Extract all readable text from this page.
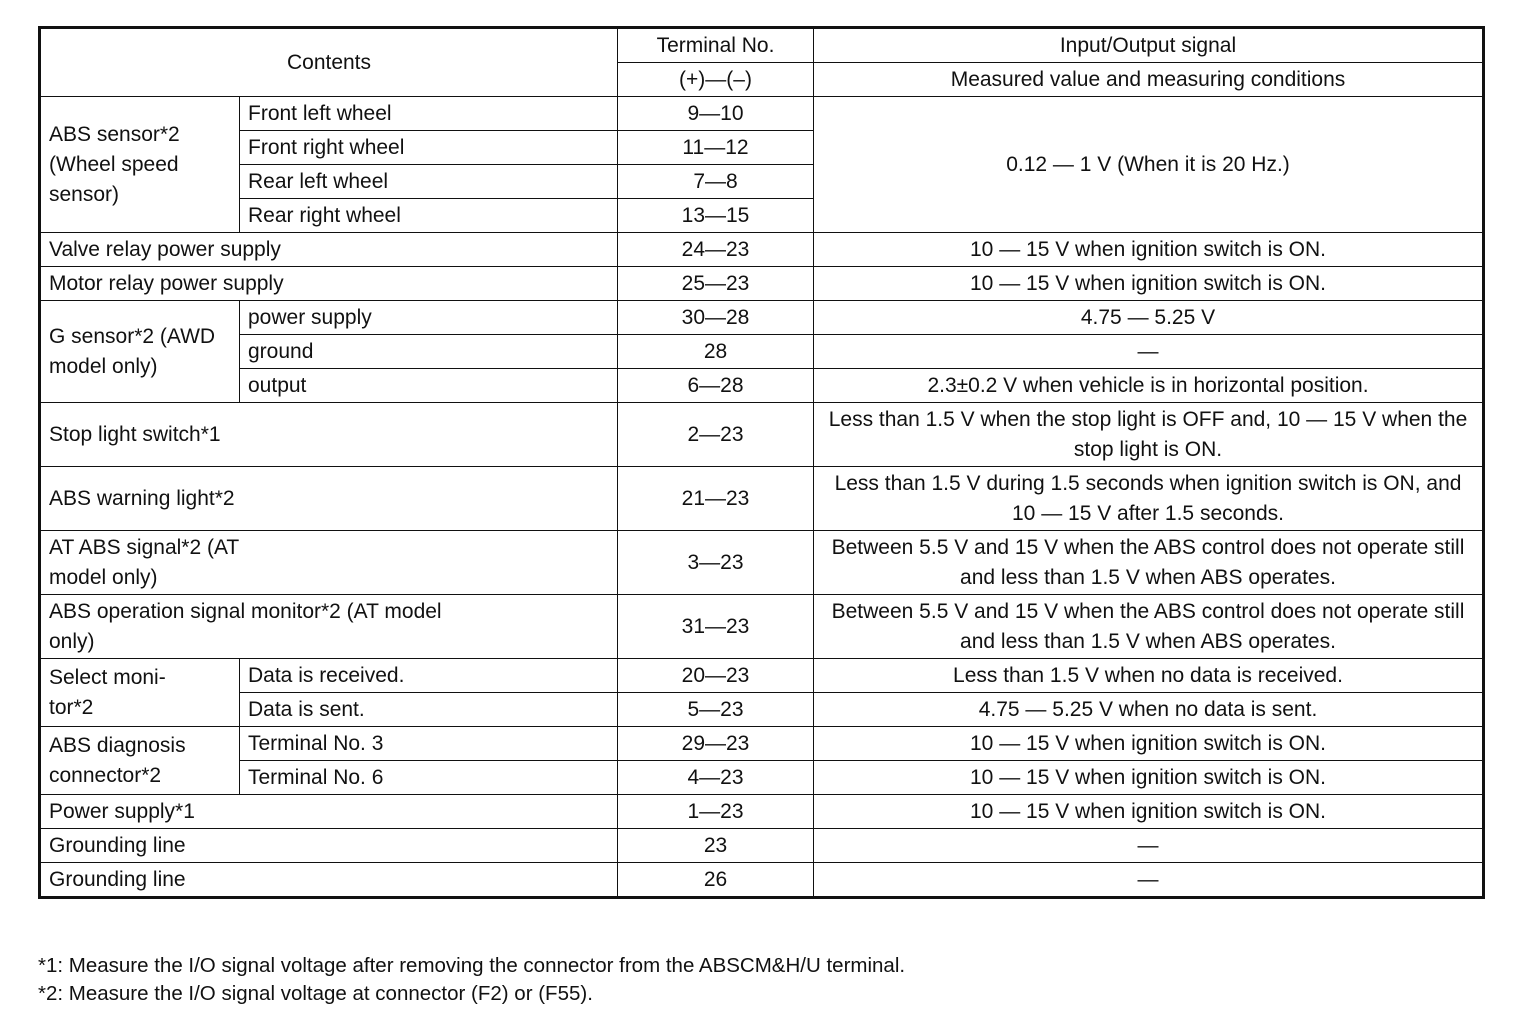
Contents		Terminal No.	Input/Output signal
		(+)—(–)	Measured value and measuring conditions
ABS sensor*2 (Wheel speed sensor)	Front left wheel	9—10	0.12 — 1 V (When it is 20 Hz.)
	Front right wheel	11—12	
	Rear left wheel	7—8	
	Rear right wheel	13—15	
Valve relay power supply		24—23	10 — 15 V when ignition switch is ON.
Motor relay power supply		25—23	10 — 15 V when ignition switch is ON.
G sensor*2 (AWD model only)	power supply	30—28	4.75 — 5.25 V
	ground	28	—
	output	6—28	2.3±0.2 V when vehicle is in horizontal position.
Stop light switch*1		2—23	Less than 1.5 V when the stop light is OFF and, 10 — 15 V when the stop light is ON.
ABS warning light*2		21—23	Less than 1.5 V during 1.5 seconds when ignition switch is ON, and 10 — 15 V after 1.5 seconds.
AT ABS signal*2 (AT model only)		3—23	Between 5.5 V and 15 V when the ABS control does not operate still and less than 1.5 V when ABS operates.
ABS operation signal monitor*2 (AT model only)		31—23	Between 5.5 V and 15 V when the ABS control does not operate still and less than 1.5 V when ABS operates.
Select moni- tor*2	Data is received.	20—23	Less than 1.5 V when no data is received.
	Data is sent.	5—23	4.75 — 5.25 V when no data is sent.
ABS diagnosis connector*2	Terminal No. 3	29—23	10 — 15 V when ignition switch is ON.
	Terminal No. 6	4—23	10 — 15 V when ignition switch is ON.
Power supply*1		1—23	10 — 15 V when ignition switch is ON.
Grounding line		23	—
Grounding line		26	—
*1: Measure the I/O signal voltage after removing the connector from the ABSCM&H/U terminal.
*2: Measure the I/O signal voltage at connector (F2) or (F55).
